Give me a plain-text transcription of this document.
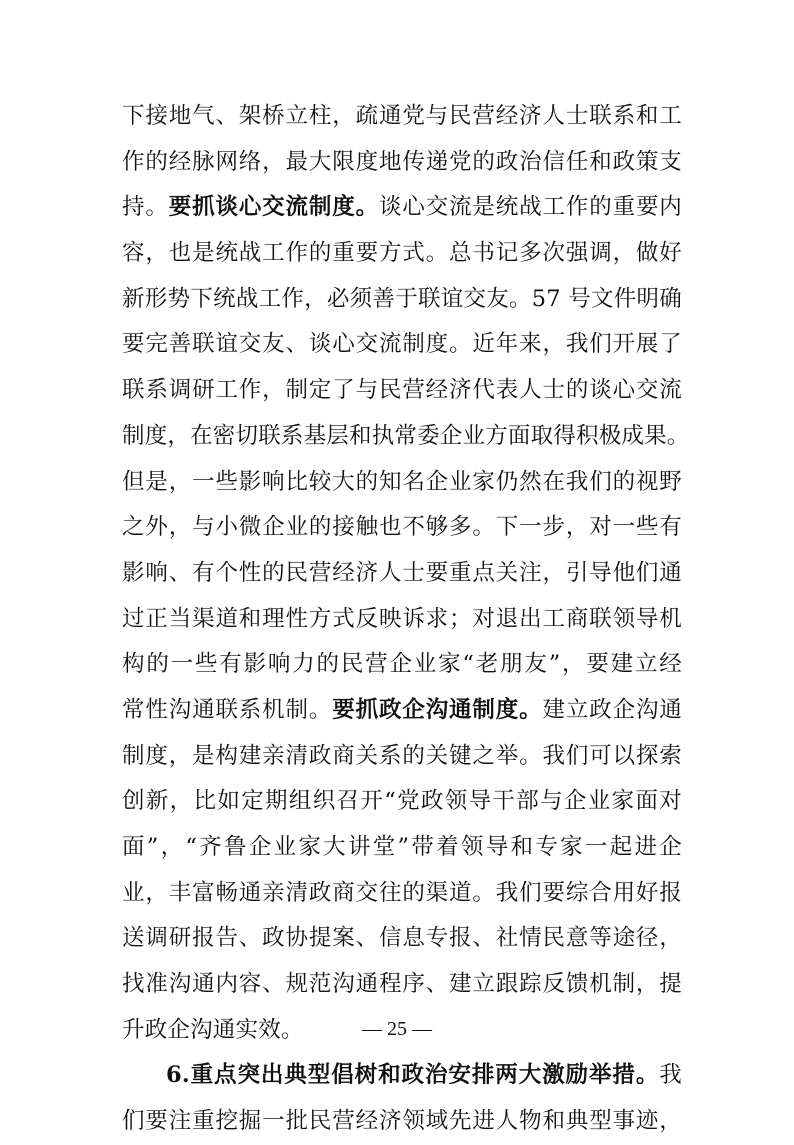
下接地气、架桥立柱，疏通党与民营经济人士联系和工
作的经脉网络，最大限度地传递党的政治信任和政策支
持。要抓谈心交流制度。谈心交流是统战工作的重要内
容，也是统战工作的重要方式。总书记多次强调，做好
新形势下统战工作，必须善于联谊交友。57 号文件明确
要完善联谊交友、谈心交流制度。近年来，我们开展了
联系调研工作，制定了与民营经济代表人士的谈心交流
制度，在密切联系基层和执常委企业方面取得积极成果。
但是，一些影响比较大的知名企业家仍然在我们的视野
之外，与小微企业的接触也不够多。下一步，对一些有
影响、有个性的民营经济人士要重点关注，引导他们通
过正当渠道和理性方式反映诉求；对退出工商联领导机
构的一些有影响力的民营企业家“老朋友”，要建立经
常性沟通联系机制。要抓政企沟通制度。建立政企沟通
制度，是构建亲清政商关系的关键之举。我们可以探索
创新，比如定期组织召开“党政领导干部与企业家面对
面”，“齐鲁企业家大讲堂”带着领导和专家一起进企
业，丰富畅通亲清政商交往的渠道。我们要综合用好报
送调研报告、政协提案、信息专报、社情民意等途径，
找准沟通内容、规范沟通程序、建立跟踪反馈机制，提
升政企沟通实效。
6.重点突出典型倡树和政治安排两大激励举措。我
们要注重挖掘一批民营经济领域先进人物和典型事迹，
— 25 —
